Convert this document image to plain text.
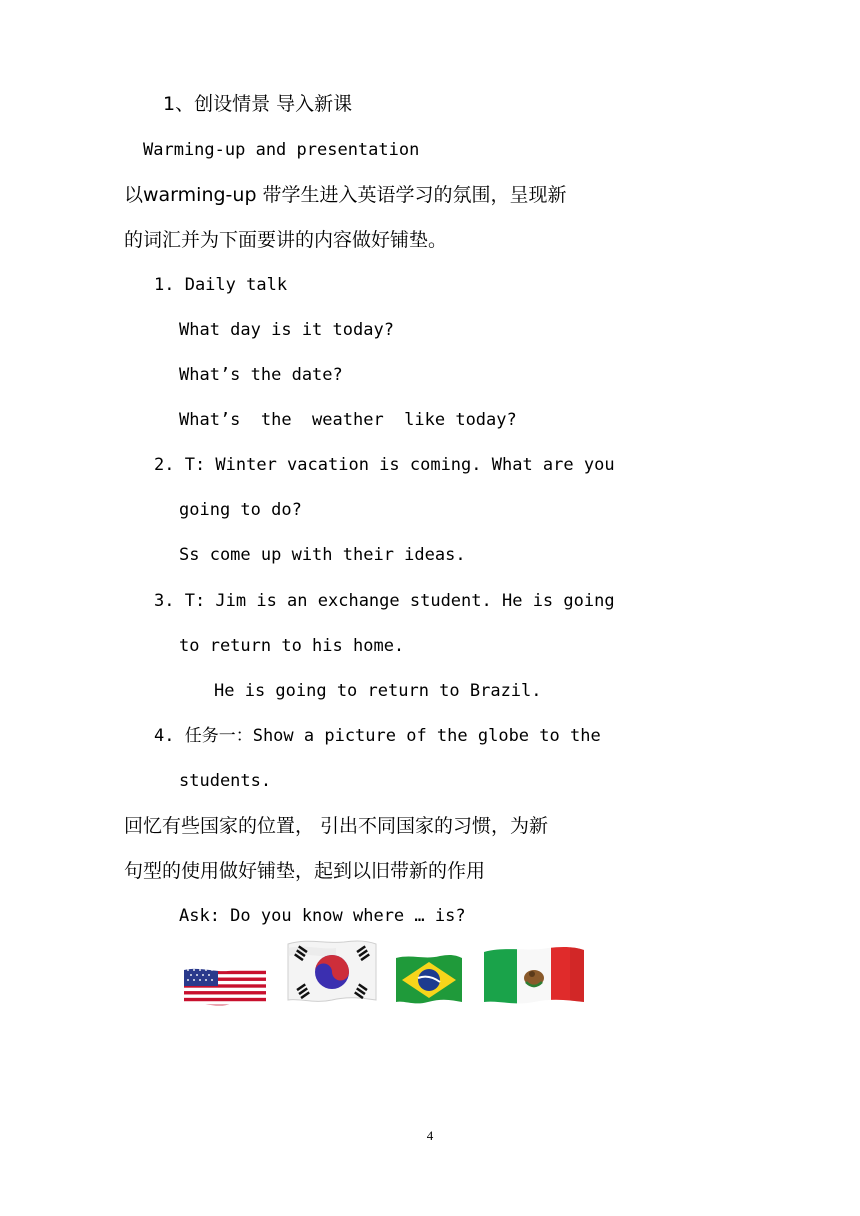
1、创设情景 导入新课
Warming-up and presentation
以warming-up 带学生进入英语学习的氛围，呈现新
的词汇并为下面要讲的内容做好铺垫。
1. Daily talk
What day is it today?
What’s the date?
What’s  the  weather  like today?
2. T: Winter vacation is coming. What are you
going to do?
Ss come up with their ideas.
3. T: Jim is an exchange student. He is going
to return to his home.
He is going to return to Brazil.
4. 任务一：Show a picture of the globe to the
students.
回忆有些国家的位置， 引出不同国家的习惯，为新
句型的使用做好铺垫，起到以旧带新的作用
Ask: Do you know where … is?
4
